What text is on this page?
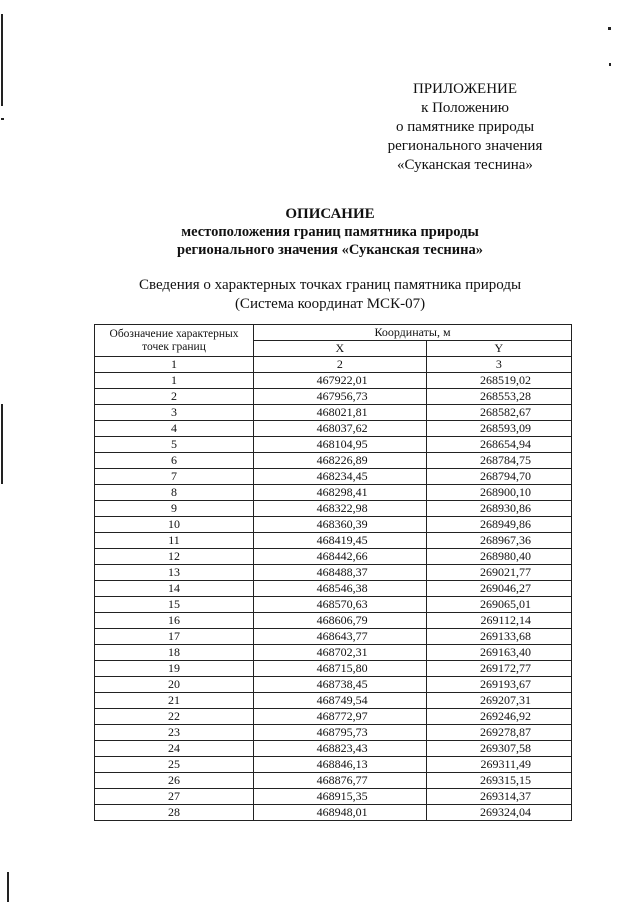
ПРИЛОЖЕНИЕ
к Положению
о памятнике природы
регионального значения
«Суканская теснина»
ОПИСАНИЕ
местоположения границ памятника природы
регионального значения «Суканская теснина»
Сведения о характерных точках границ памятника природы
(Система координат МСК-07)
Обозначение характерных точек границ	Координаты, м	
	X	Y
1	2	3
1	467922,01	268519,02
2	467956,73	268553,28
3	468021,81	268582,67
4	468037,62	268593,09
5	468104,95	268654,94
6	468226,89	268784,75
7	468234,45	268794,70
8	468298,41	268900,10
9	468322,98	268930,86
10	468360,39	268949,86
11	468419,45	268967,36
12	468442,66	268980,40
13	468488,37	269021,77
14	468546,38	269046,27
15	468570,63	269065,01
16	468606,79	269112,14
17	468643,77	269133,68
18	468702,31	269163,40
19	468715,80	269172,77
20	468738,45	269193,67
21	468749,54	269207,31
22	468772,97	269246,92
23	468795,73	269278,87
24	468823,43	269307,58
25	468846,13	269311,49
26	468876,77	269315,15
27	468915,35	269314,37
28	468948,01	269324,04
